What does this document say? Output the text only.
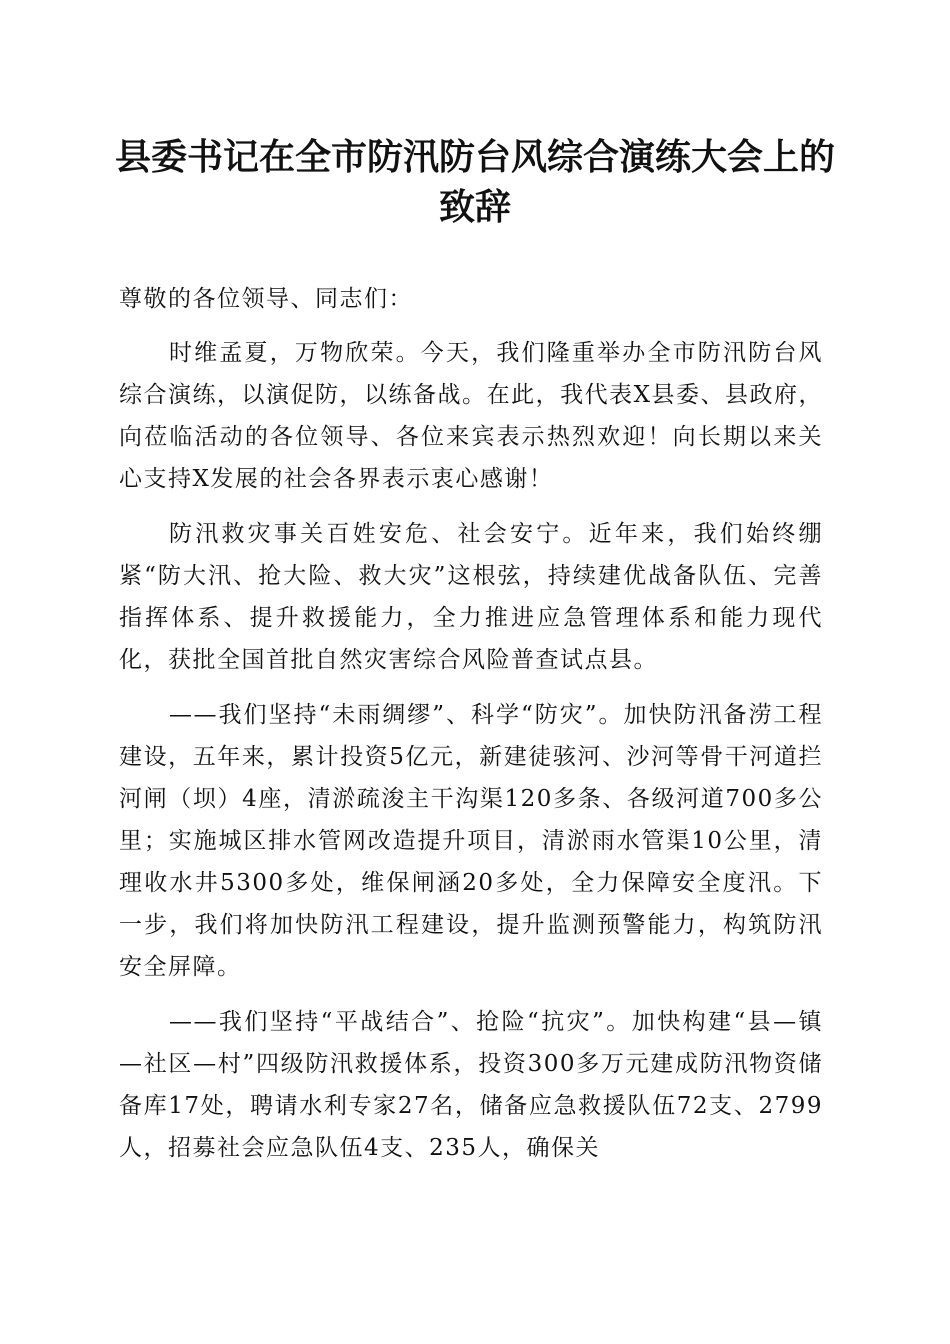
县委书记在全市防汛防台风综合演练大会上的致辞

尊敬的各位领导、同志们：

时维孟夏，万物欣荣。今天，我们隆重举办全市防汛防台风综合演练，以演促防，以练备战。在此，我代表X县委、县政府，向莅临活动的各位领导、各位来宾表示热烈欢迎！向长期以来关心支持X发展的社会各界表示衷心感谢！

防汛救灾事关百姓安危、社会安宁。近年来，我们始终绷紧“防大汛、抢大险、救大灾”这根弦，持续建优战备队伍、完善指挥体系、提升救援能力，全力推进应急管理体系和能力现代化，获批全国首批自然灾害综合风险普查试点县。

——我们坚持“未雨绸缪”、科学“防灾”。加快防汛备涝工程建设，五年来，累计投资5亿元，新建徒骇河、沙河等骨干河道拦河闸（坝）4座，清淤疏浚主干沟渠120多条、各级河道700多公里；实施城区排水管网改造提升项目，清淤雨水管渠10公里，清理收水井5300多处，维保闸涵20多处，全力保障安全度汛。下一步，我们将加快防汛工程建设，提升监测预警能力，构筑防汛安全屏障。

——我们坚持“平战结合”、抢险“抗灾”。加快构建“县—镇—社区—村”四级防汛救援体系，投资300多万元建成防汛物资储备库17处，聘请水利专家27名，储备应急救援队伍72支、2799人，招募社会应急队伍4支、235人，确保关
